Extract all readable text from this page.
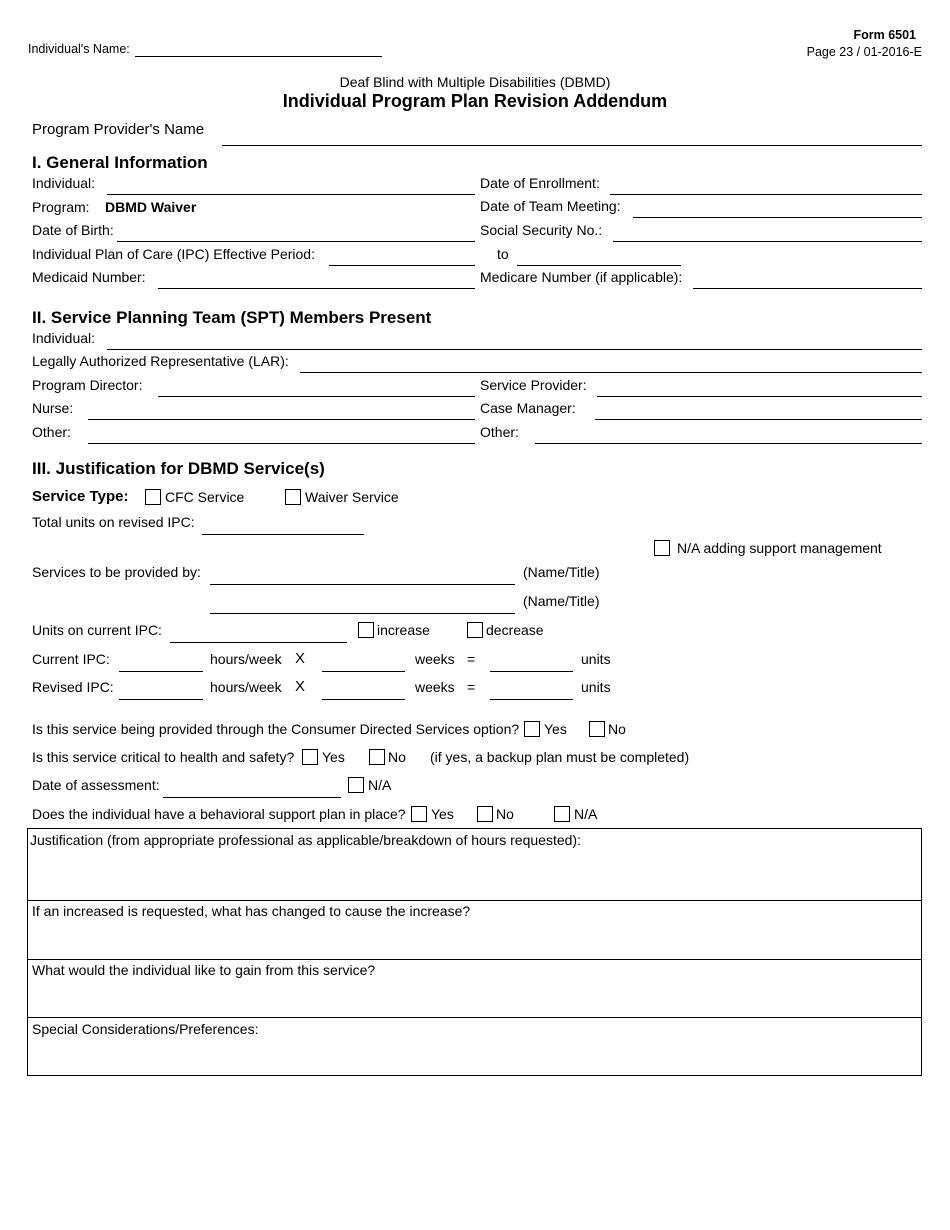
Individual's Name:
Form 6501
Page 23 / 01-2016-E
Deaf Blind with Multiple Disabilities (DBMD)
Individual Program Plan Revision Addendum
Program Provider's Name
I. General Information
Individual:	Date of Enrollment:
Program: DBMD Waiver	Date of Team Meeting:
Date of Birth:	Social Security No.:
Individual Plan of Care (IPC) Effective Period:	to
Medicaid Number:	Medicare Number (if applicable):
II. Service Planning Team (SPT) Members Present
Individual:
Legally Authorized Representative (LAR):
Program Director:	Service Provider:
Nurse:	Case Manager:
Other:	Other:
III. Justification for DBMD Service(s)
Service Type:	CFC Service	Waiver Service
Total units on revised IPC:
N/A adding support management
Services to be provided by:	(Name/Title)
(Name/Title)
Units on current IPC:	increase	decrease
Current IPC:	hours/week X	weeks =	units
Revised IPC:	hours/week X	weeks =	units
Is this service being provided through the Consumer Directed Services option? Yes	No
Is this service critical to health and safety? Yes	No (if yes, a backup plan must be completed)
Date of assessment:	N/A
Does the individual have a behavioral support plan in place? Yes	No	N/A
Justification (from appropriate professional as applicable/breakdown of hours requested):
If an increased is requested, what has changed to cause the increase?
What would the individual like to gain from this service?
Special Considerations/Preferences:
